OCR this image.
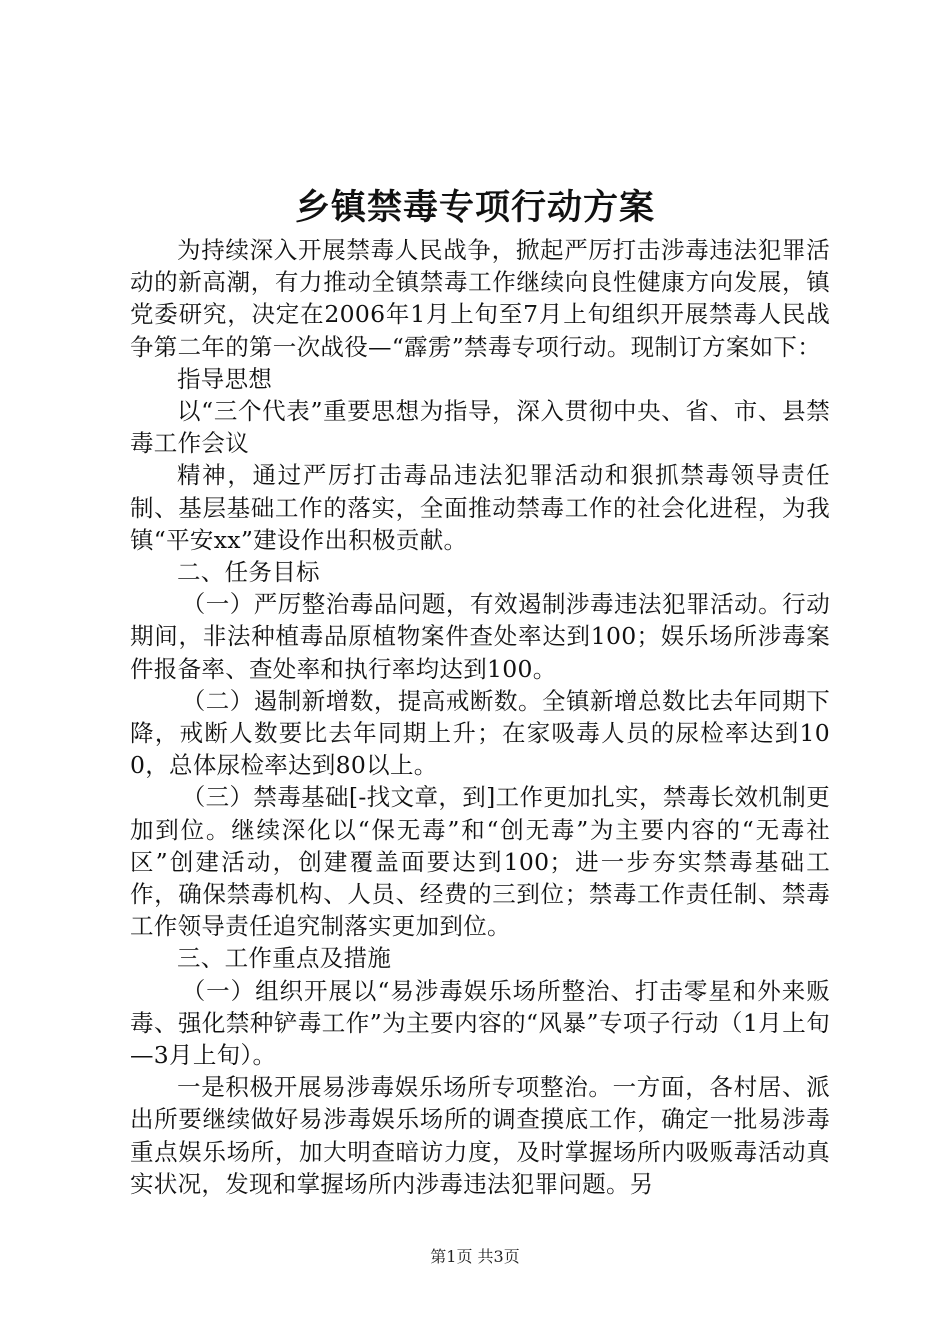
乡镇禁毒专项行动方案

为持续深入开展禁毒人民战争，掀起严厉打击涉毒违法犯罪活动的新高潮，有力推动全镇禁毒工作继续向良性健康方向发展，镇党委研究，决定在2006年1月上旬至7月上旬组织开展禁毒人民战争第二年的第一次战役—“霹雳”禁毒专项行动。现制订方案如下：

指导思想

以“三个代表”重要思想为指导，深入贯彻中央、省、市、县禁毒工作会议

精神，通过严厉打击毒品违法犯罪活动和狠抓禁毒领导责任制、基层基础工作的落实，全面推动禁毒工作的社会化进程，为我镇“平安xx”建设作出积极贡献。

二、任务目标

（一）严厉整治毒品问题，有效遏制涉毒违法犯罪活动。行动期间，非法种植毒品原植物案件查处率达到100；娱乐场所涉毒案件报备率、查处率和执行率均达到100。

（二）遏制新增数，提高戒断数。全镇新增总数比去年同期下降，戒断人数要比去年同期上升；在家吸毒人员的尿检率达到100，总体尿检率达到80以上。

（三）禁毒基础[-找文章，到]工作更加扎实，禁毒长效机制更加到位。继续深化以“保无毒”和“创无毒”为主要内容的“无毒社区”创建活动，创建覆盖面要达到100；进一步夯实禁毒基础工作，确保禁毒机构、人员、经费的三到位；禁毒工作责任制、禁毒工作领导责任追究制落实更加到位。

三、工作重点及措施

（一）组织开展以“易涉毒娱乐场所整治、打击零星和外来贩毒、强化禁种铲毒工作”为主要内容的“风暴”专项子行动（1月上旬—3月上旬）。

一是积极开展易涉毒娱乐场所专项整治。一方面，各村居、派出所要继续做好易涉毒娱乐场所的调查摸底工作，确定一批易涉毒重点娱乐场所，加大明查暗访力度，及时掌握场所内吸贩毒活动真实状况，发现和掌握场所内涉毒违法犯罪问题。另

第1页 共3页
